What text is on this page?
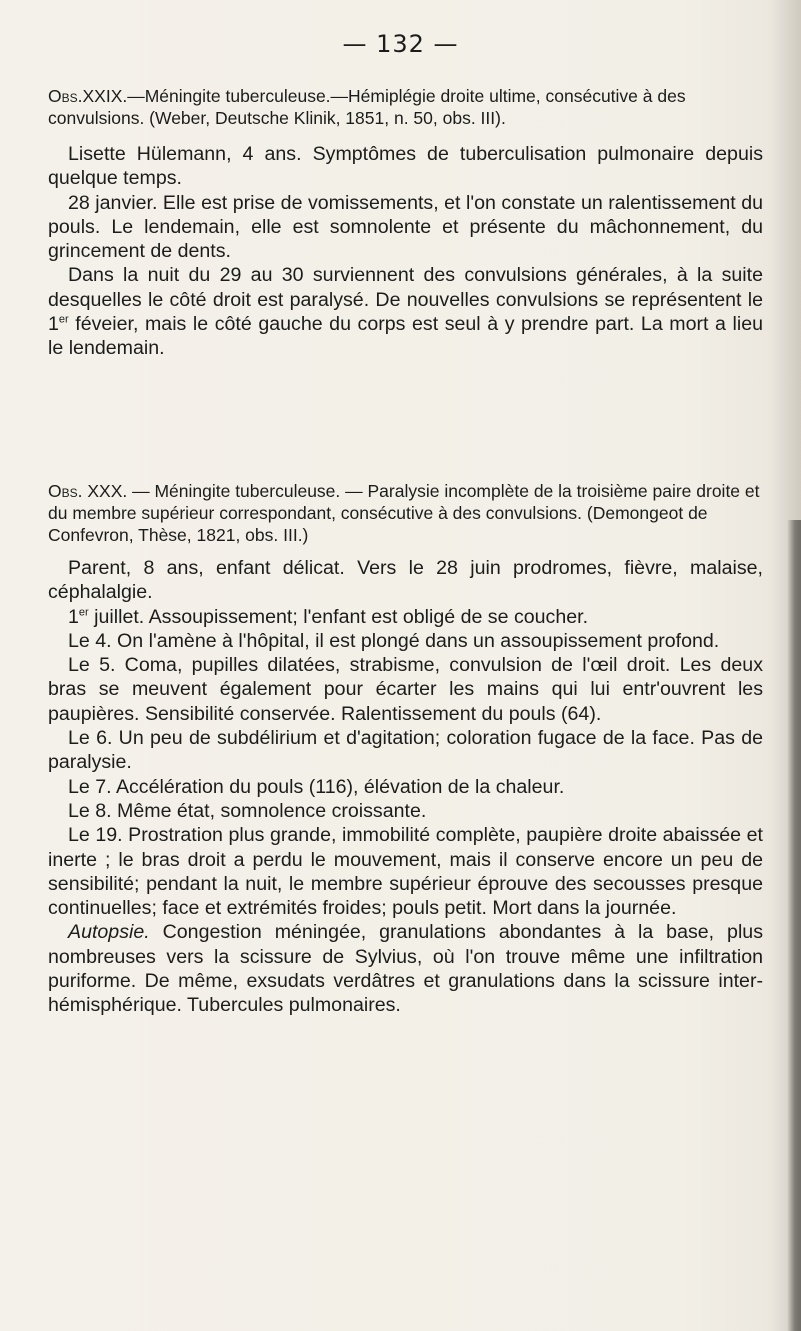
— 132 —

Obs.XXIX.—Méningite tuberculeuse.—Hémiplégie droite ultime, consécutive à des convulsions. (Weber, Deutsche Klinik, 1851, n. 50, obs. III).

Lisette Hülemann, 4 ans. Symptômes de tuberculisation pulmonaire depuis quelque temps.

28 janvier. Elle est prise de vomissements, et l'on constate un ralentissement du pouls. Le lendemain, elle est somnolente et présente du mâchonnement, du grincement de dents.

Dans la nuit du 29 au 30 surviennent des convulsions générales, à la suite desquelles le côté droit est paralysé. De nouvelles convulsions se représentent le 1er féveier, mais le côté gauche du corps est seul à y prendre part. La mort a lieu le lendemain.

Obs. XXX. — Méningite tuberculeuse. — Paralysie incomplète de la troisième paire droite et du membre supérieur correspondant, consécutive à des convulsions. (Demongeot de Confevron, Thèse, 1821, obs. III.)

Parent, 8 ans, enfant délicat. Vers le 28 juin prodromes, fièvre, malaise, céphalalgie.

1er juillet. Assoupissement; l'enfant est obligé de se coucher.

Le 4. On l'amène à l'hôpital, il est plongé dans un assoupissement profond.

Le 5. Coma, pupilles dilatées, strabisme, convulsion de l'œil droit. Les deux bras se meuvent également pour écarter les mains qui lui entr'ouvrent les paupières. Sensibilité conservée. Ralentissement du pouls (64).

Le 6. Un peu de subdélirium et d'agitation; coloration fugace de la face. Pas de paralysie.

Le 7. Accélération du pouls (116), élévation de la chaleur.

Le 8. Même état, somnolence croissante.

Le 19. Prostration plus grande, immobilité complète, paupière droite abaissée et inerte ; le bras droit a perdu le mouvement, mais il conserve encore un peu de sensibilité; pendant la nuit, le membre supérieur éprouve des secousses presque continuelles; face et extrémités froides; pouls petit. Mort dans la journée.

Autopsie. Congestion méningée, granulations abondantes à la base, plus nombreuses vers la scissure de Sylvius, où l'on trouve même une infiltration puriforme. De même, exsudats verdâtres et granulations dans la scissure inter-hémisphérique. Tubercules pulmonaires.
